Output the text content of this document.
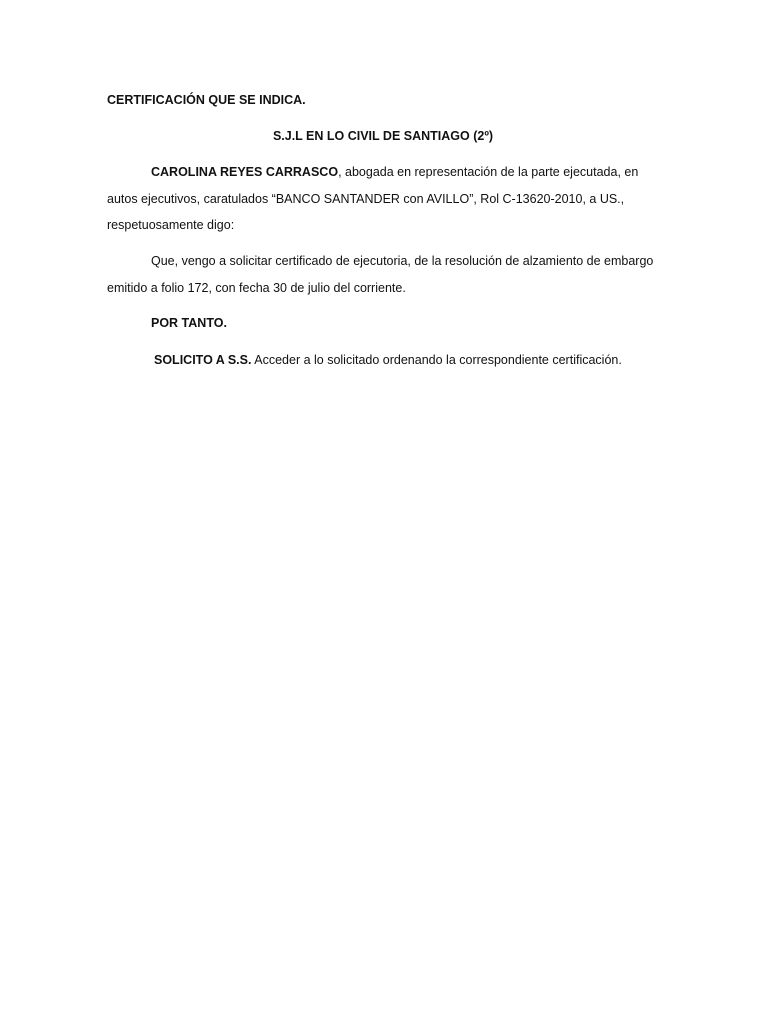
CERTIFICACIÓN QUE SE INDICA.
S.J.L EN LO CIVIL DE SANTIAGO (2º)
CAROLINA REYES CARRASCO, abogada en representación de la parte ejecutada, en autos ejecutivos, caratulados “BANCO SANTANDER con AVILLO”, Rol C-13620-2010, a US., respetuosamente digo:
Que, vengo a solicitar certificado de ejecutoria, de la resolución de alzamiento de embargo emitido a folio 172, con fecha 30 de julio del corriente.
POR TANTO.
SOLICITO A S.S. Acceder a lo solicitado ordenando la correspondiente certificación.
